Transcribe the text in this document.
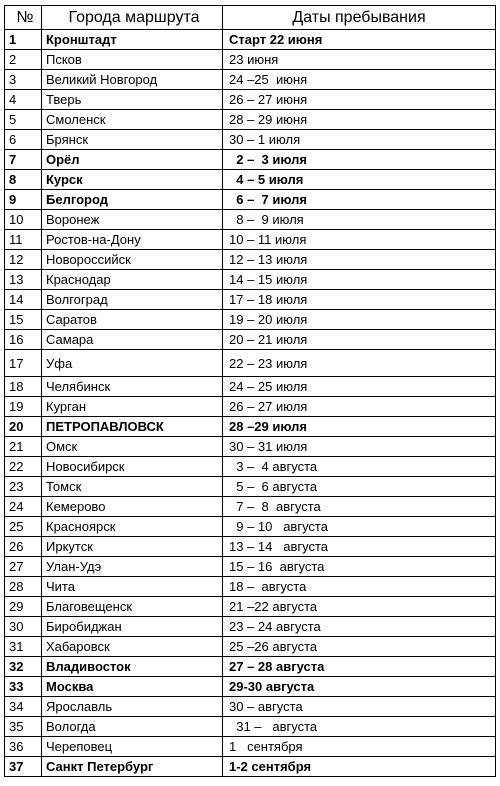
№	Города маршрута	Даты пребывания
1	Кронштадт	Старт 22 июня
2	Псков	23 июня
3	Великий Новгород	24 –25  июня
4	Тверь	26 – 27 июня
5	Смоленск	28 – 29 июня
6	Брянск	30 – 1 июля
7	Орёл	2 –  3 июля
8	Курск	4 – 5 июля
9	Белгород	6 –  7 июля
10	Воронеж	8 –  9 июля
11	Ростов-на-Дону	10 – 11 июля
12	Новороссийск	12 – 13 июля
13	Краснодар	14 – 15 июля
14	Волгоград	17 – 18 июля
15	Саратов	19 – 20 июля
16	Самара	20 – 21 июля
17	Уфа	22 – 23 июля
18	Челябинск	24 – 25 июля
19	Курган	26 – 27 июля
20	ПЕТРОПАВЛОВСК	28 –29 июля
21	Омск	30 – 31 июля
22	Новосибирск	3 –  4 августа
23	Томск	5 –  6 августа
24	Кемерово	7 –  8  августа
25	Красноярск	9 – 10   августа
26	Иркутск	13 – 14   августа
27	Улан-Удэ	15 – 16  августа
28	Чита	18 –  августа
29	Благовещенск	21 –22 августа
30	Биробиджан	23 – 24 августа
31	Хабаровск	25 –26 августа
32	Владивосток	27 – 28 августа
33	Москва	29-30 августа
34	Ярославль	30 – августа
35	Вологда	31 –   августа
36	Череповец	1   сентября
37	Санкт Петербург	1-2 сентября
